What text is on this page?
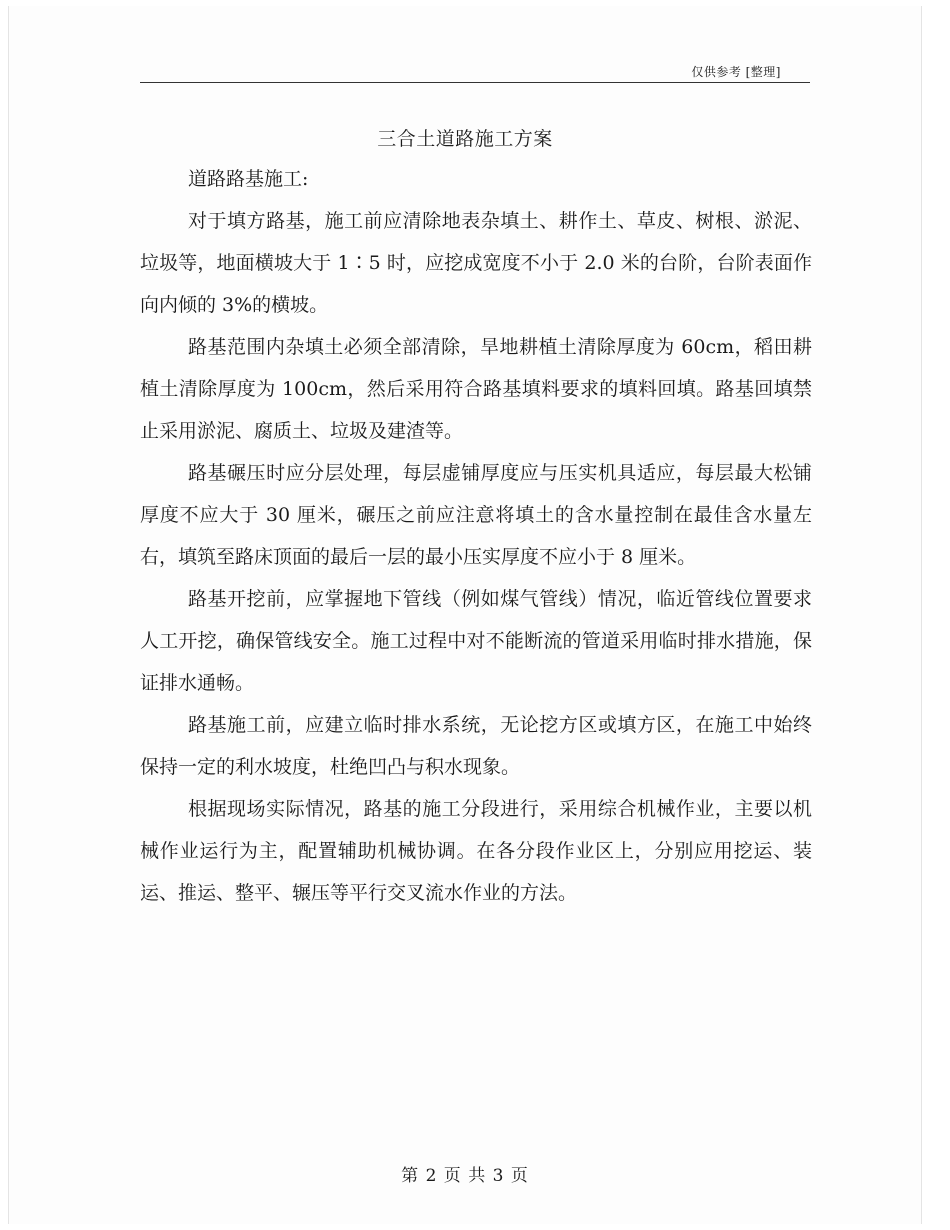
仅供参考 [整理]
三合土道路施工方案

道路路基施工:

对于填方路基，施工前应清除地表杂填土、耕作土、草皮、树根、淤泥、垃圾等，地面横坡大于 1∶5 时，应挖成宽度不小于 2.0 米的台阶，台阶表面作向内倾的 3%的横坡。

路基范围内杂填土必须全部清除，旱地耕植土清除厚度为 60cm，稻田耕植土清除厚度为 100cm，然后采用符合路基填料要求的填料回填。路基回填禁止采用淤泥、腐质土、垃圾及建渣等。

路基碾压时应分层处理，每层虚铺厚度应与压实机具适应，每层最大松铺厚度不应大于 30 厘米，碾压之前应注意将填土的含水量控制在最佳含水量左右，填筑至路床顶面的最后一层的最小压实厚度不应小于 8 厘米。

路基开挖前，应掌握地下管线（例如煤气管线）情况，临近管线位置要求人工开挖，确保管线安全。施工过程中对不能断流的管道采用临时排水措施，保证排水通畅。

路基施工前，应建立临时排水系统，无论挖方区或填方区，在施工中始终保持一定的利水坡度，杜绝凹凸与积水现象。

根据现场实际情况，路基的施工分段进行，采用综合机械作业，主要以机械作业运行为主，配置辅助机械协调。在各分段作业区上，分别应用挖运、装运、推运、整平、辗压等平行交叉流水作业的方法。

第 2 页 共 3 页
